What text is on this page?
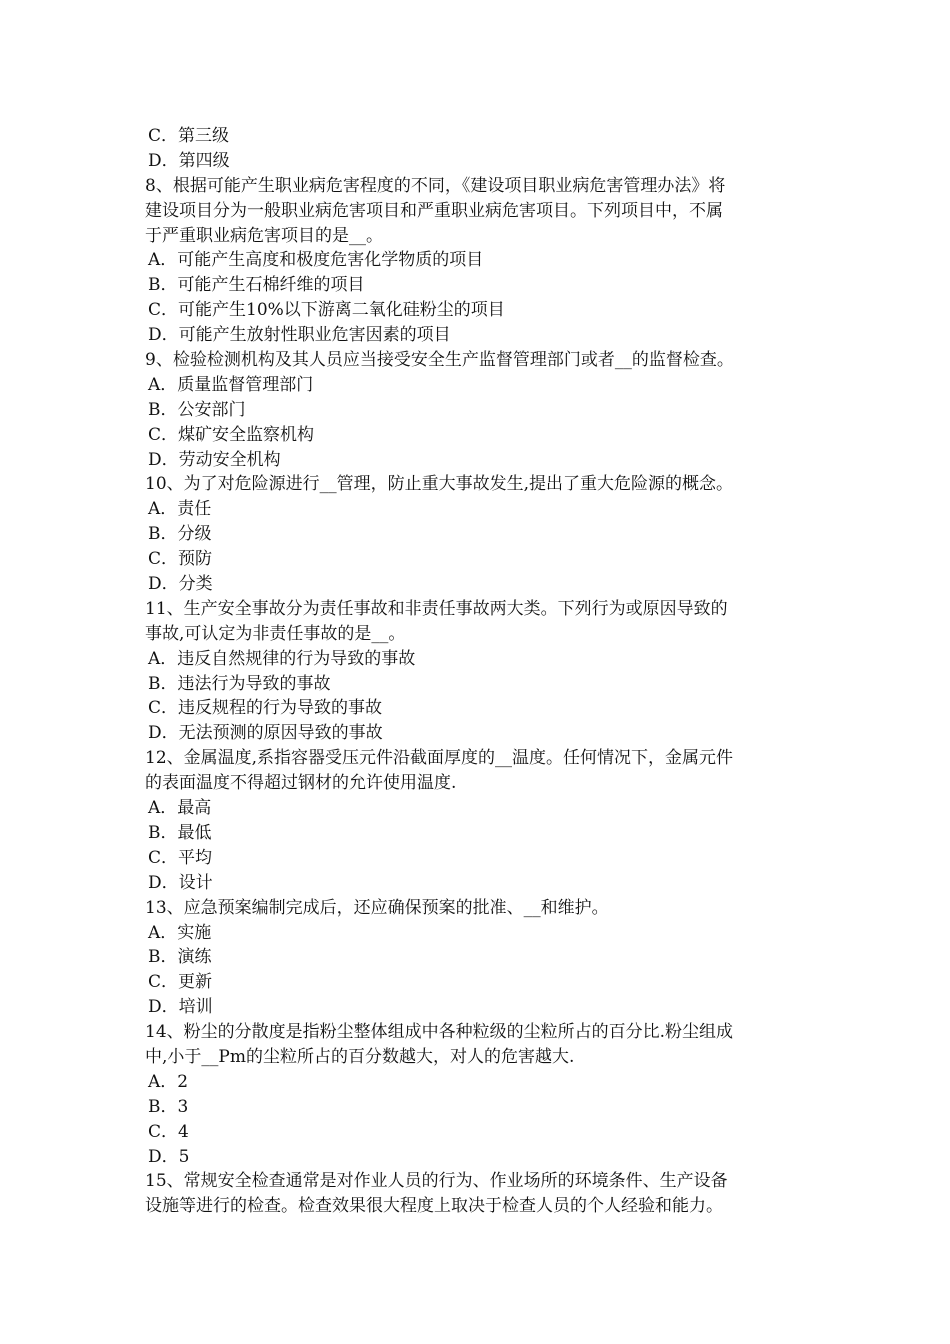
C．第三级
D．第四级
8、根据可能产生职业病危害程度的不同，《建设项目职业病危害管理办法》将
建设项目分为一般职业病危害项目和严重职业病危害项目。下列项目中，不属
于严重职业病危害项目的是__。
A．可能产生高度和极度危害化学物质的项目
B．可能产生石棉纤维的项目
C．可能产生10%以下游离二氧化硅粉尘的项目
D．可能产生放射性职业危害因素的项目
9、检验检测机构及其人员应当接受安全生产监督管理部门或者__的监督检查。
A．质量监督管理部门
B．公安部门
C．煤矿安全监察机构
D．劳动安全机构
10、为了对危险源进行__管理，防止重大事故发生,提出了重大危险源的概念。
A．责任
B．分级
C．预防
D．分类
11、生产安全事故分为责任事故和非责任事故两大类。下列行为或原因导致的
事故,可认定为非责任事故的是__。
A．违反自然规律的行为导致的事故
B．违法行为导致的事故
C．违反规程的行为导致的事故
D．无法预测的原因导致的事故
12、金属温度,系指容器受压元件沿截面厚度的__温度。任何情况下，金属元件
的表面温度不得超过钢材的允许使用温度.
A．最高
B．最低
C．平均
D．设计
13、应急预案编制完成后，还应确保预案的批准、__和维护。
A．实施
B．演练
C．更新
D．培训
14、粉尘的分散度是指粉尘整体组成中各种粒级的尘粒所占的百分比.粉尘组成
中,小于__Pm的尘粒所占的百分数越大，对人的危害越大.
A．2
B．3
C．4
D．5
15、常规安全检查通常是对作业人员的行为、作业场所的环境条件、生产设备
设施等进行的检查。检查效果很大程度上取决于检查人员的个人经验和能力。
